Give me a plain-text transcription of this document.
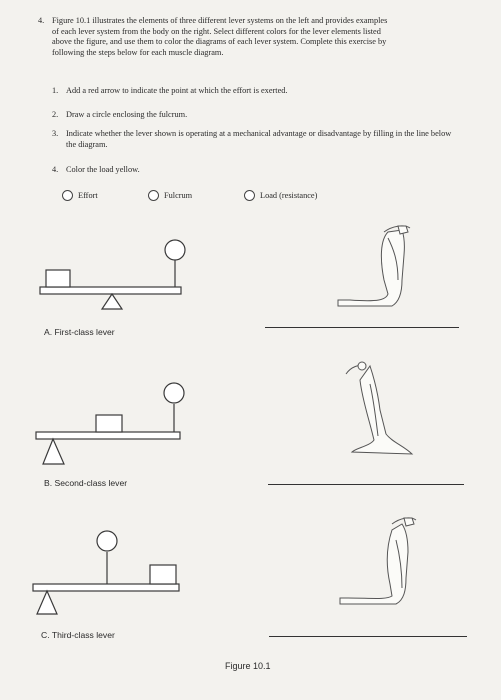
4. Figure 10.1 illustrates the elements of three different lever systems on the left and provides examples of each lever system from the body on the right. Select different colors for the lever elements listed above the figure, and use them to color the diagrams of each lever system. Complete this exercise by following the steps below for each muscle diagram.
1. Add a red arrow to indicate the point at which the effort is exerted.
2. Draw a circle enclosing the fulcrum.
3. Indicate whether the lever shown is operating at a mechanical advantage or disadvantage by filling in the line below the diagram.
4. Color the load yellow.
Effort	Fulcrum	Load (resistance)
A. First-class lever
B. Second-class lever
C. Third-class lever
Figure 10.1
